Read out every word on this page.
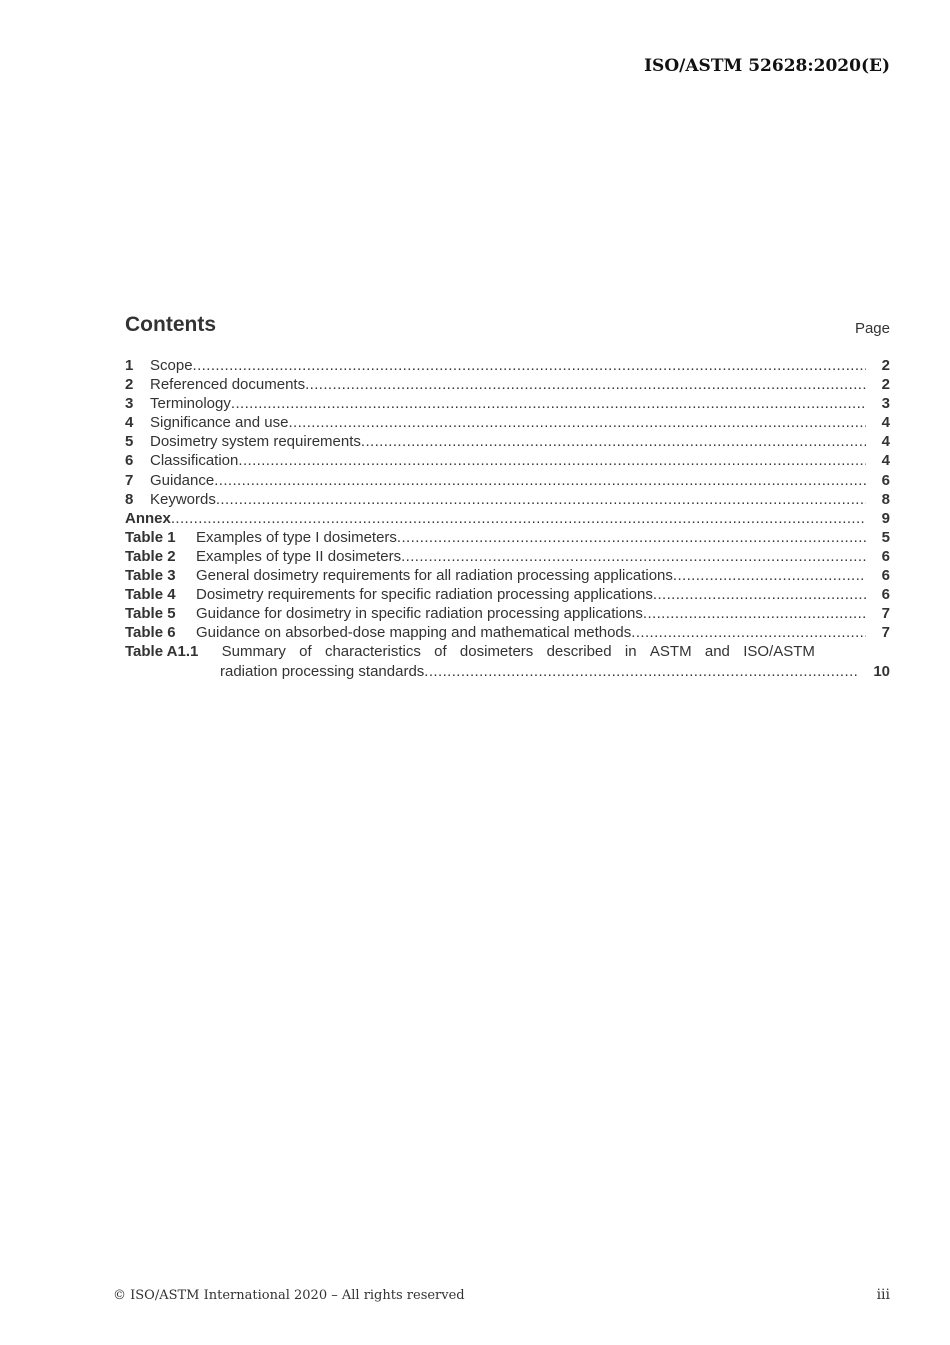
ISO/ASTM 52628:2020(E)
Contents	Page
1	Scope .....	2
2	Referenced documents .....	2
3	Terminology .....	3
4	Significance and use .....	4
5	Dosimetry system requirements .....	4
6	Classification .....	4
7	Guidance .....	6
8	Keywords .....	8
Annex .....	9
Table 1	Examples of type I dosimeters .....	5
Table 2	Examples of type II dosimeters .....	6
Table 3	General dosimetry requirements for all radiation processing applications .....	6
Table 4	Dosimetry requirements for specific radiation processing applications .....	6
Table 5	Guidance for dosimetry in specific radiation processing applications .....	7
Table 6	Guidance on absorbed-dose mapping and mathematical methods .....	7
Table A1.1 Summary of characteristics of dosimeters described in ASTM and ISO/ASTM
radiation processing standards .....	10
© ISO/ASTM International 2020 – All rights reserved	iii
